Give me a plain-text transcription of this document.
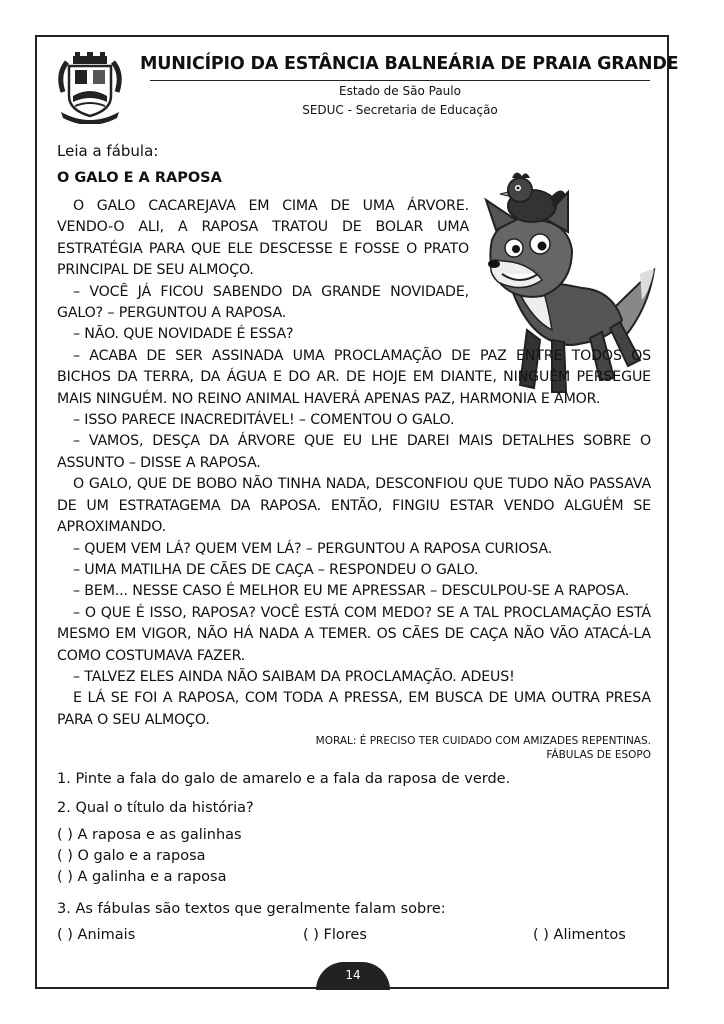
MUNICÍPIO DA ESTÂNCIA BALNEÁRIA DE PRAIA GRANDE
Estado de São Paulo
SEDUC - Secretaria de Educação
Leia a fábula:
O GALO E A RAPOSA

O GALO CACAREJAVA EM CIMA DE UMA ÁRVORE. VENDO-O ALI, A RAPOSA TRATOU DE BOLAR UMA ESTRATÉGIA PARA QUE ELE DESCESSE E FOSSE O PRATO PRINCIPAL DE SEU ALMOÇO.

– VOCÊ JÁ FICOU SABENDO DA GRANDE NOVIDADE, GALO? – PERGUNTOU A RAPOSA.

– NÃO. QUE NOVIDADE É ESSA?

– ACABA DE SER ASSINADA UMA PROCLAMAÇÃO DE PAZ ENTRE TODOS OS BICHOS DA TERRA, DA ÁGUA E DO AR. DE HOJE EM DIANTE, NINGUÉM PERSEGUE MAIS NINGUÉM. NO REINO ANIMAL HAVERÁ APENAS PAZ, HARMONIA E AMOR.

– ISSO PARECE INACREDITÁVEL! – COMENTOU O GALO.

– VAMOS, DESÇA DA ÁRVORE QUE EU LHE DAREI MAIS DETALHES SOBRE O ASSUNTO – DISSE A RAPOSA.

O GALO, QUE DE BOBO NÃO TINHA NADA, DESCONFIOU QUE TUDO NÃO PASSAVA DE UM ESTRATAGEMA DA RAPOSA. ENTÃO, FINGIU ESTAR VENDO ALGUÉM SE APROXIMANDO.

– QUEM VEM LÁ? QUEM VEM LÁ? – PERGUNTOU A RAPOSA CURIOSA.

– UMA MATILHA DE CÃES DE CAÇA – RESPONDEU O GALO.

– BEM... NESSE CASO É MELHOR EU ME APRESSAR – DESCULPOU-SE A RAPOSA.

– O QUE É ISSO, RAPOSA? VOCÊ ESTÁ COM MEDO? SE A TAL PROCLAMAÇÃO ESTÁ MESMO EM VIGOR, NÃO HÁ NADA A TEMER. OS CÃES DE CAÇA NÃO VÃO ATACÁ-LA COMO COSTUMAVA FAZER.

– TALVEZ ELES AINDA NÃO SAIBAM DA PROCLAMAÇÃO. ADEUS!

E LÁ SE FOI A RAPOSA, COM TODA A PRESSA, EM BUSCA DE UMA OUTRA PRESA PARA O SEU ALMOÇO.

MORAL: É PRECISO TER CUIDADO COM AMIZADES REPENTINAS.
FÁBULAS DE ESOPO
1. Pinte a fala do galo de amarelo e a fala da raposa de verde.
2. Qual o título da história?
( ) A raposa e as galinhas
( ) O galo e a raposa
( ) A galinha e a raposa
3. As fábulas são textos que geralmente falam sobre:
( ) Animais	( ) Flores	( ) Alimentos
14
